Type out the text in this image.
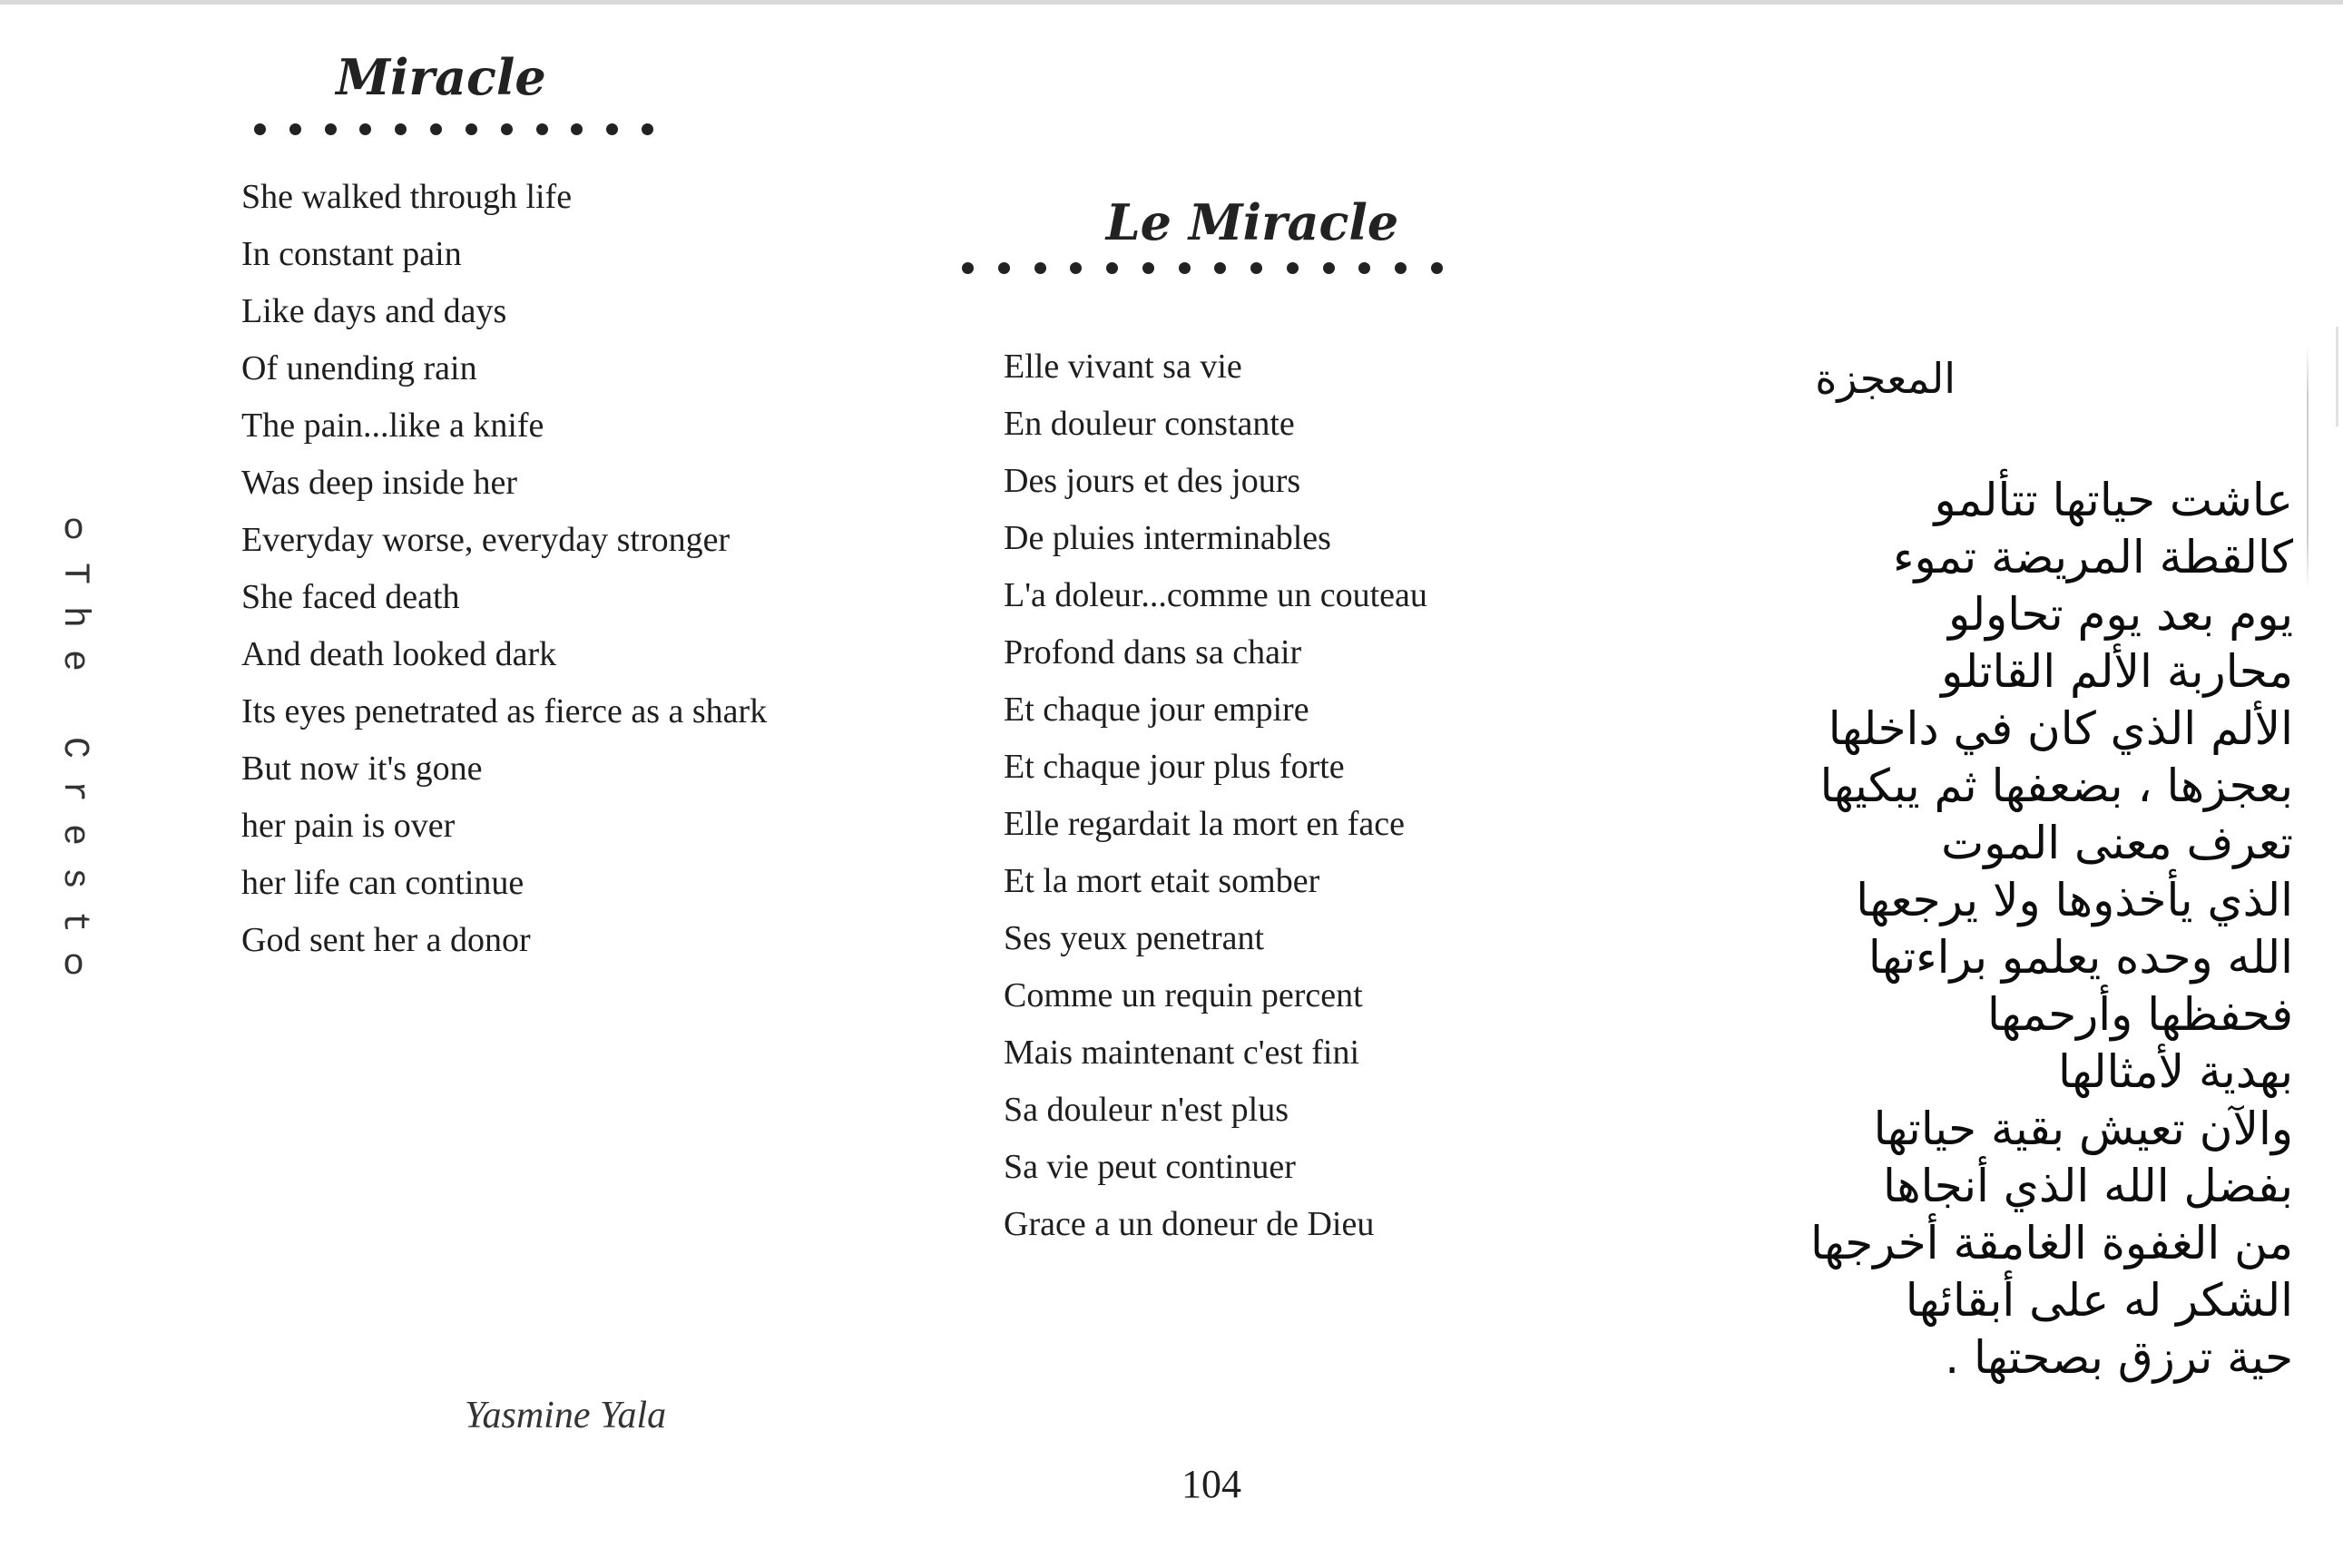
Miracle
She walked through life
In constant pain
Like days and days
Of unending rain
The pain...like a knife
Was deep inside her
Everyday worse, everyday stronger
She faced death
And death looked dark
Its eyes penetrated as fierce as a shark
But now it's gone
her pain is over
her life can continue
God sent her a donor
Le Miracle
Elle vivant sa vie
En douleur constante
Des jours et des jours
De pluies interminables
L'a doleur...comme un couteau
Profond dans sa chair
Et chaque jour empire
Et chaque jour plus forte
Elle regardait la mort en face
Et la mort etait somber
Ses yeux penetrant
Comme un requin percent
Mais maintenant c'est fini
Sa douleur n'est plus
Sa vie peut continuer
Grace a un doneur de Dieu
o
T
h
e

C
r
e
s
t
o
المعجزة
عاشت حياتها تتألمو
كالقطة المريضة تموء
يوم بعد يوم تحاولو
محاربة الألم القاتلو
الألم الذي كان في داخلها
بعجزها ، بضعفها ثم يبكيها
تعرف معنى الموت
الذي يأخذوها ولا يرجعها
الله وحده يعلمو براءتها
فحفظها وأرحمها
بهدية لأمثالها
والآن تعيش بقية حياتها
بفضل الله الذي أنجاها
من الغفوة الغامقة أخرجها
الشكر له على أبقائها
حية ترزق بصحتها .
Yasmine Yala
104
